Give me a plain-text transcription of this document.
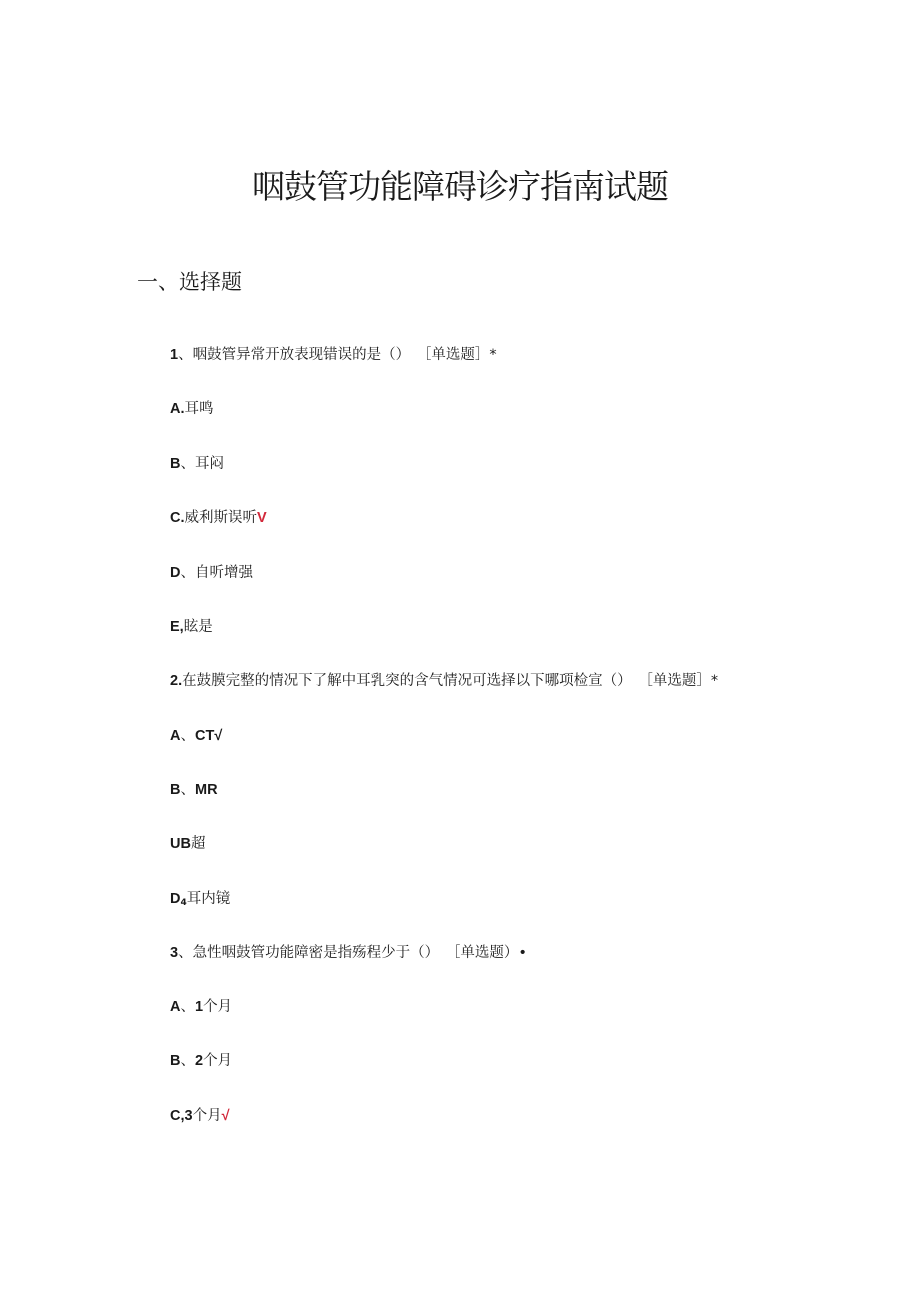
咽鼓管功能障碍诊疗指南试题
一、选择题
1、咽鼓管异常开放表现错误的是（） ［单选题］*
A.耳鸣
B、耳闷
C.威利斯误听V
D、自听增强
E,眩是
2.在鼓膜完整的情况下了解中耳乳突的含气情况可选择以下哪项检宣（） ［单选题］*
A、CT√
B、MR
UB超
$D_4$耳内镜
3、急性咽鼓管功能障密是指殇程少于（） ［单选题）•
A、1个月
B、2个月
C,3个月√
